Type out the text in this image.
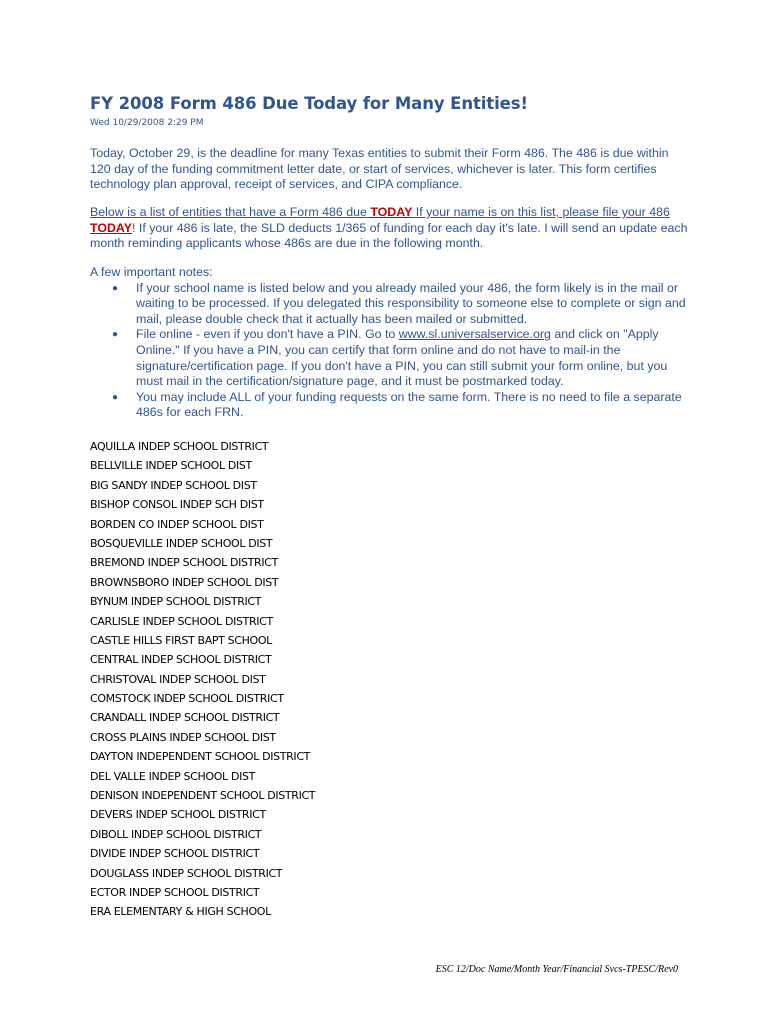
FY 2008 Form 486 Due Today for Many Entities!
Wed 10/29/2008 2:29 PM
Today, October 29, is the deadline for many Texas entities to submit their Form 486. The 486 is due within 120 day of the funding commitment letter date, or start of services, whichever is later. This form certifies technology plan approval, receipt of services, and CIPA compliance.
Below is a list of entities that have a Form 486 due TODAY If your name is on this list, please file your 486 TODAY! If your 486 is late, the SLD deducts 1/365 of funding for each day it's late. I will send an update each month reminding applicants whose 486s are due in the following month.
A few important notes:
● If your school name is listed below and you already mailed your 486, the form likely is in the mail or waiting to be processed. If you delegated this responsibility to someone else to complete or sign and mail, please double check that it actually has been mailed or submitted.
● File online - even if you don't have a PIN. Go to www.sl.universalservice.org and click on "Apply Online." If you have a PIN, you can certify that form online and do not have to mail-in the signature/certification page. If you don't have a PIN, you can still submit your form online, but you must mail in the certification/signature page, and it must be postmarked today.
● You may include ALL of your funding requests on the same form. There is no need to file a separate 486s for each FRN.
AQUILLA INDEP SCHOOL DISTRICT
BELLVILLE INDEP SCHOOL DIST
BIG SANDY INDEP SCHOOL DIST
BISHOP CONSOL INDEP SCH DIST
BORDEN CO INDEP SCHOOL DIST
BOSQUEVILLE INDEP SCHOOL DIST
BREMOND INDEP SCHOOL DISTRICT
BROWNSBORO INDEP SCHOOL DIST
BYNUM INDEP SCHOOL DISTRICT
CARLISLE INDEP SCHOOL DISTRICT
CASTLE HILLS FIRST BAPT SCHOOL
CENTRAL INDEP SCHOOL DISTRICT
CHRISTOVAL INDEP SCHOOL DIST
COMSTOCK INDEP SCHOOL DISTRICT
CRANDALL INDEP SCHOOL DISTRICT
CROSS PLAINS INDEP SCHOOL DIST
DAYTON INDEPENDENT SCHOOL DISTRICT
DEL VALLE INDEP SCHOOL DIST
DENISON INDEPENDENT SCHOOL DISTRICT
DEVERS INDEP SCHOOL DISTRICT
DIBOLL INDEP SCHOOL DISTRICT
DIVIDE INDEP SCHOOL DISTRICT
DOUGLASS INDEP SCHOOL DISTRICT
ECTOR INDEP SCHOOL DISTRICT
ERA ELEMENTARY & HIGH SCHOOL
ESC 12/Doc Name/Month Year/Financial Svcs-TPESC/Rev0
